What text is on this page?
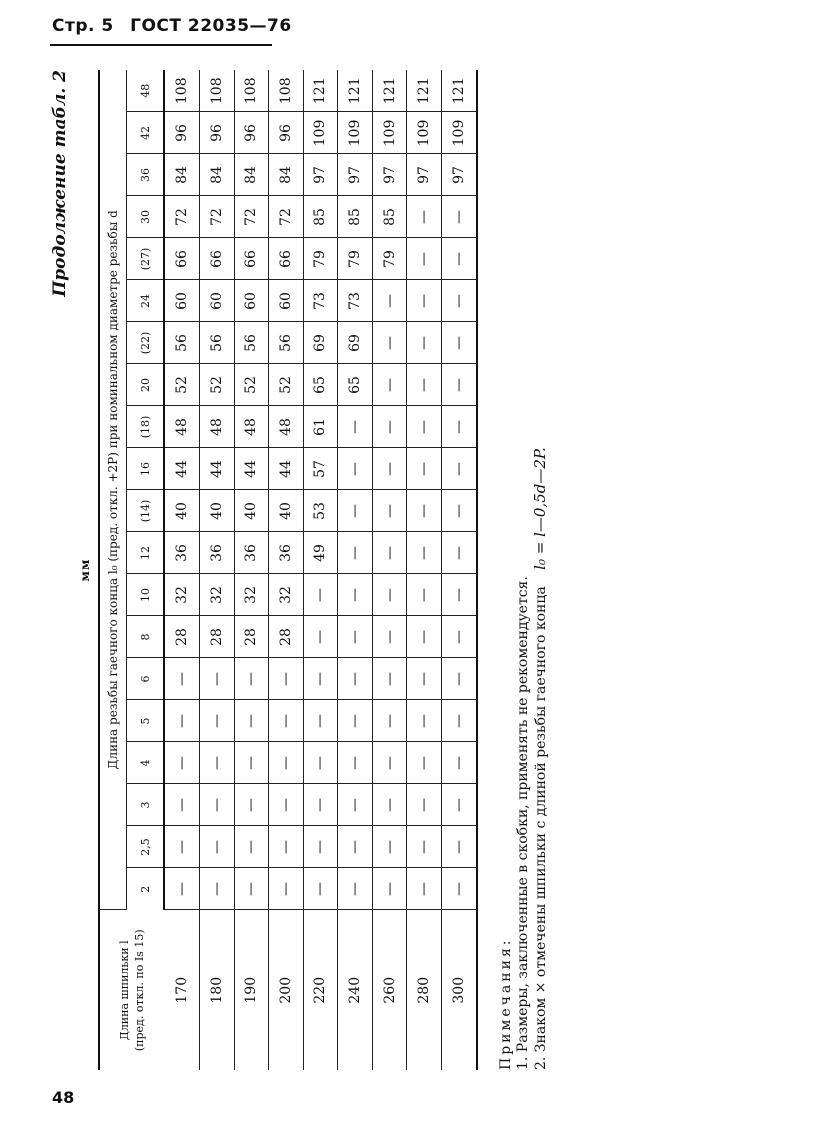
Стр. 5 ГОСТ 22035—76
Продолжение табл. 2
мм
Длина шпильки l (пред. откл. по Is 15)	Длина резьбы гаечного конца l₀ (пред. откл. +2P) при номинальном диаметре резьбы d																			
	2	2,5	3	4	5	6	8	10	12	(14)	16	(18)	20	(22)	24	(27)	30	36	42	48
170	—	—	—	—	—	—	28	32	36	40	44	48	52	56	60	66	72	84	96	108
180	—	—	—	—	—	—	28	32	36	40	44	48	52	56	60	66	72	84	96	108
190	—	—	—	—	—	—	28	32	36	40	44	48	52	56	60	66	72	84	96	108
200	—	—	—	—	—	—	28	32	36	40	44	48	52	56	60	66	72	84	96	108
220	—	—	—	—	—	—	—	—	49	53	57	61	65	69	73	79	85	97	109	121
240	—	—	—	—	—	—	—	—	—	—	—	—	65	69	73	79	85	97	109	121
260	—	—	—	—	—	—	—	—	—	—	—	—	—	—	—	79	85	97	109	121
280	—	—	—	—	—	—	—	—	—	—	—	—	—	—	—	—	—	97	109	121
300	—	—	—	—	—	—	—	—	—	—	—	—	—	—	—	—	—	97	109	121
Примечания: 1. Размеры, заключенные в скобки, применять не рекомендуется. 2. Знаком × отмечены шпильки с длиной резьбы гаечного конца l₀ = l—0,5d—2P.
48
